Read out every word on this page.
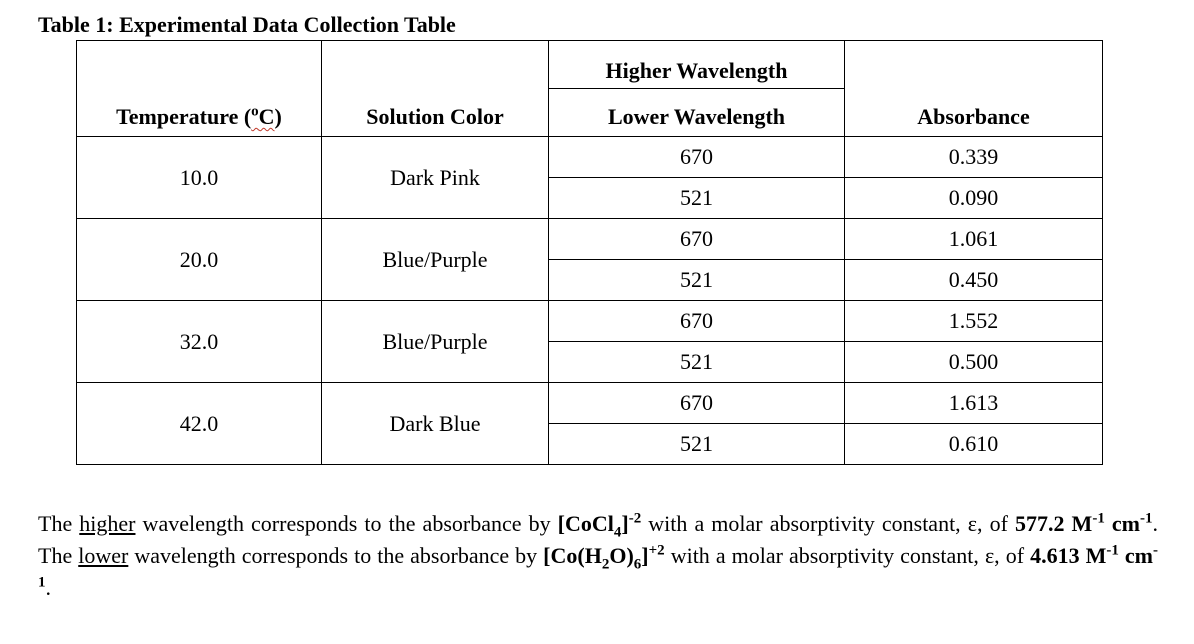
Table 1: Experimental Data Collection Table
Temperature ($^o$C)	Solution Color	Higher Wavelength	Absorbance
		Lower Wavelength	
10.0	Dark Pink	670	0.339
		521	0.090
20.0	Blue/Purple	670	1.061
		521	0.450
32.0	Blue/Purple	670	1.552
		521	0.500
42.0	Dark Blue	670	1.613
		521	0.610

The higher wavelength corresponds to the absorbance by [CoCl$_4$]$^{-2}$ with a molar absorptivity constant, ε, of 577.2 $M^{-1}$ $cm^{-1}$. The lower wavelength corresponds to the absorbance by $[Co(H_2O)_6]^{+2}$ with a molar absorptivity constant, ε, of 4.613 $M^{-1}$ $cm^{-1}$.
